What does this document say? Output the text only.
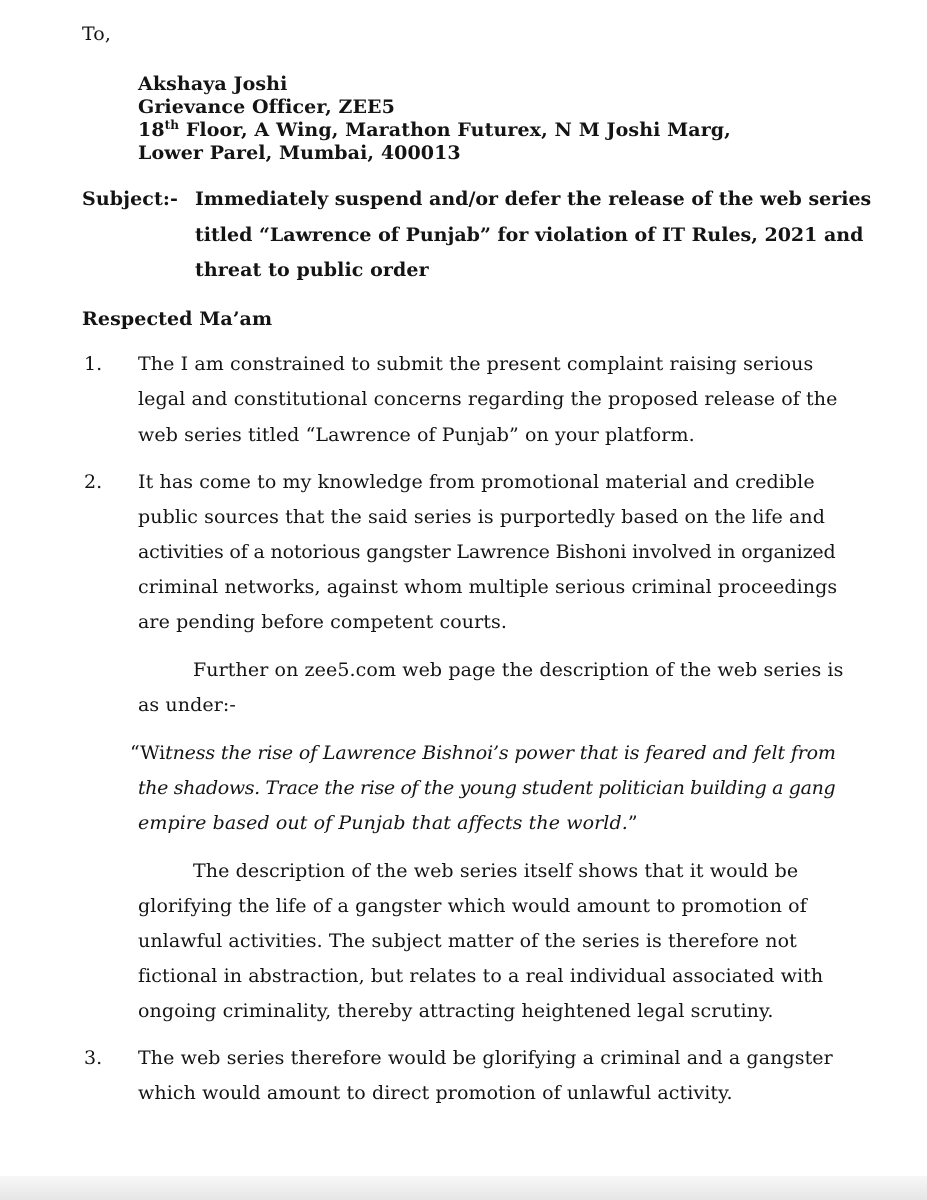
To,
Akshaya Joshi
Grievance Officer, ZEE5
18th Floor, A Wing, Marathon Futurex, N M Joshi Marg,
Lower Parel, Mumbai, 400013
Subject:- Immediately suspend and/or defer the release of the web series
titled “Lawrence of Punjab” for violation of IT Rules, 2021 and
threat to public order
Respected Ma’am
1. The I am constrained to submit the present complaint raising serious
legal and constitutional concerns regarding the proposed release of the
web series titled “Lawrence of Punjab” on your platform.
2. It has come to my knowledge from promotional material and credible
public sources that the said series is purportedly based on the life and
activities of a notorious gangster Lawrence Bishoni involved in organized
criminal networks, against whom multiple serious criminal proceedings
are pending before competent courts.
Further on zee5.com web page the description of the web series is
as under:-
“Witness the rise of Lawrence Bishnoi’s power that is feared and felt from
the shadows. Trace the rise of the young student politician building a gang
empire based out of Punjab that affects the world.”
The description of the web series itself shows that it would be
glorifying the life of a gangster which would amount to promotion of
unlawful activities. The subject matter of the series is therefore not
fictional in abstraction, but relates to a real individual associated with
ongoing criminality, thereby attracting heightened legal scrutiny.
3. The web series therefore would be glorifying a criminal and a gangster
which would amount to direct promotion of unlawful activity.
